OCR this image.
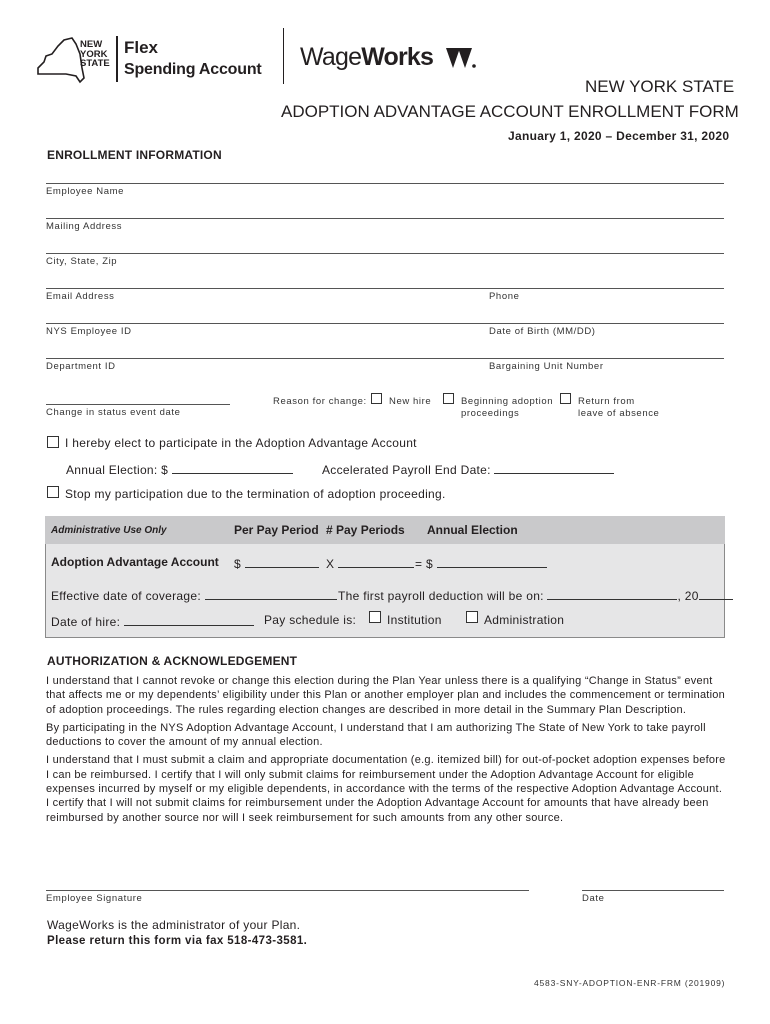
NEW
YORK
STATE
Flex
Spending Account WageWorks
NEW YORK STATE
ADOPTION ADVANTAGE ACCOUNT ENROLLMENT FORM
January 1, 2020 – December 31, 2020
ENROLLMENT INFORMATION
Employee Name
Mailing Address
City, State, Zip
Email Address	Phone
NYS Employee ID	Date of Birth (MM/DD)
Department ID	Bargaining Unit Number
Change in status event date
Reason for change: New hire	Beginning adoption
proceedings
Return from
leave of absence
I hereby elect to participate in the Adoption Advantage Account
Annual Election: $	Accelerated Payroll End Date:
Stop my participation due to the termination of adoption proceeding.
Administrative Use Only	Per Pay Period # Pay Periods Annual Election
Adoption Advantage Account $	X	= $
Effective date of coverage:	The first payroll deduction will be on:	, 20
Date of hire:	Pay schedule is:	Institution	Administration
AUTHORIZATION & ACKNOWLEDGEMENT

I understand that I cannot revoke or change this election during the Plan Year unless there is a qualifying “Change in Status” event that affects me or my dependents’ eligibility under this Plan or another employer plan and includes the commencement or termination of adoption proceedings. The rules regarding election changes are described in more detail in the Summary Plan Description.

By participating in the NYS Adoption Advantage Account, I understand that I am authorizing The State of New York to take payroll deductions to cover the amount of my annual election.

I understand that I must submit a claim and appropriate documentation (e.g. itemized bill) for out-of-pocket adoption expenses before I can be reimbursed. I certify that I will only submit claims for reimbursement under the Adoption Advantage Account for eligible expenses incurred by myself or my eligible dependents, in accordance with the terms of the respective Adoption Advantage Account. I certify that I will not submit claims for reimbursement under the Adoption Advantage Account for amounts that have already been reimbursed by another source nor will I seek reimbursement for such amounts from any other source.

Employee Signature	Date
WageWorks is the administrator of your Plan.
Please return this form via fax 518-473-3581.
4583-SNY-ADOPTION-ENR-FRM (201909)
